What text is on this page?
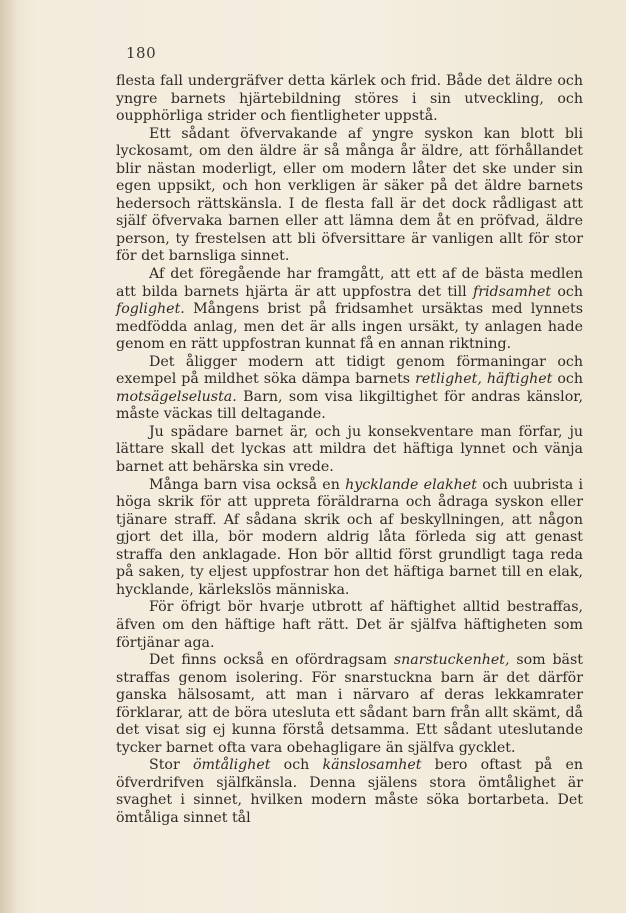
180

flesta fall undergräfver detta kärlek och frid. Både det äldre och yngre barnets hjärtebildning störes i sin utveckling, och oupphörliga strider och fientligheter uppstå.

Ett sådant öfvervakande af yngre syskon kan blott bli lyckosamt, om den äldre är så många år äldre, att förhållandet blir nästan moderligt, eller om modern låter det ske under sin egen uppsikt, och hon verkligen är säker på det äldre barnets hedersoch rättskänsla. I de flesta fall är det dock rådligast att själf öfvervaka barnen eller att lämna dem åt en pröfvad, äldre person, ty frestelsen att bli öfversittare är vanligen allt för stor för det barnsliga sinnet.

Af det föregående har framgått, att ett af de bästa medlen att bilda barnets hjärta är att uppfostra det till fridsamhet och foglighet. Mångens brist på fridsamhet ursäktas med lynnets medfödda anlag, men det är alls ingen ursäkt, ty anlagen hade genom en rätt uppfostran kunnat få en annan riktning.

Det åligger modern att tidigt genom förmaningar och exempel på mildhet söka dämpa barnets retlighet, häftighet och motsägelselusta. Barn, som visa likgiltighet för andras känslor, måste väckas till deltagande.

Ju spädare barnet är, och ju konsekventare man förfar, ju lättare skall det lyckas att mildra det häftiga lynnet och vänja barnet att behärska sin vrede.

Många barn visa också en hycklande elakhet och uubrista i höga skrik för att uppreta föräldrarna och ådraga syskon eller tjänare straff. Af sådana skrik och af beskyllningen, att någon gjort det illa, bör modern aldrig låta förleda sig att genast straffa den anklagade. Hon bör alltid först grundligt taga reda på saken, ty eljest uppfostrar hon det häftiga barnet till en elak, hycklande, kärlekslös människa.

För öfrigt bör hvarje utbrott af häftighet alltid bestraffas, äfven om den häftige haft rätt. Det är själfva häftigheten som förtjänar aga.

Det finns också en ofördragsam snarstuckenhet, som bäst straffas genom isolering. För snarstuckna barn är det därför ganska hälsosamt, att man i närvaro af deras lekkamrater förklarar, att de böra utesluta ett sådant barn från allt skämt, då det visat sig ej kunna förstå detsamma. Ett sådant uteslutande tycker barnet ofta vara obehagligare än själfva gycklet.

Stor ömtålighet och känslosamhet bero oftast på en öfverdrifven själfkänsla. Denna själens stora ömtålighet är svaghet i sinnet, hvilken modern måste söka bortarbeta. Det ömtåliga sinnet tål
